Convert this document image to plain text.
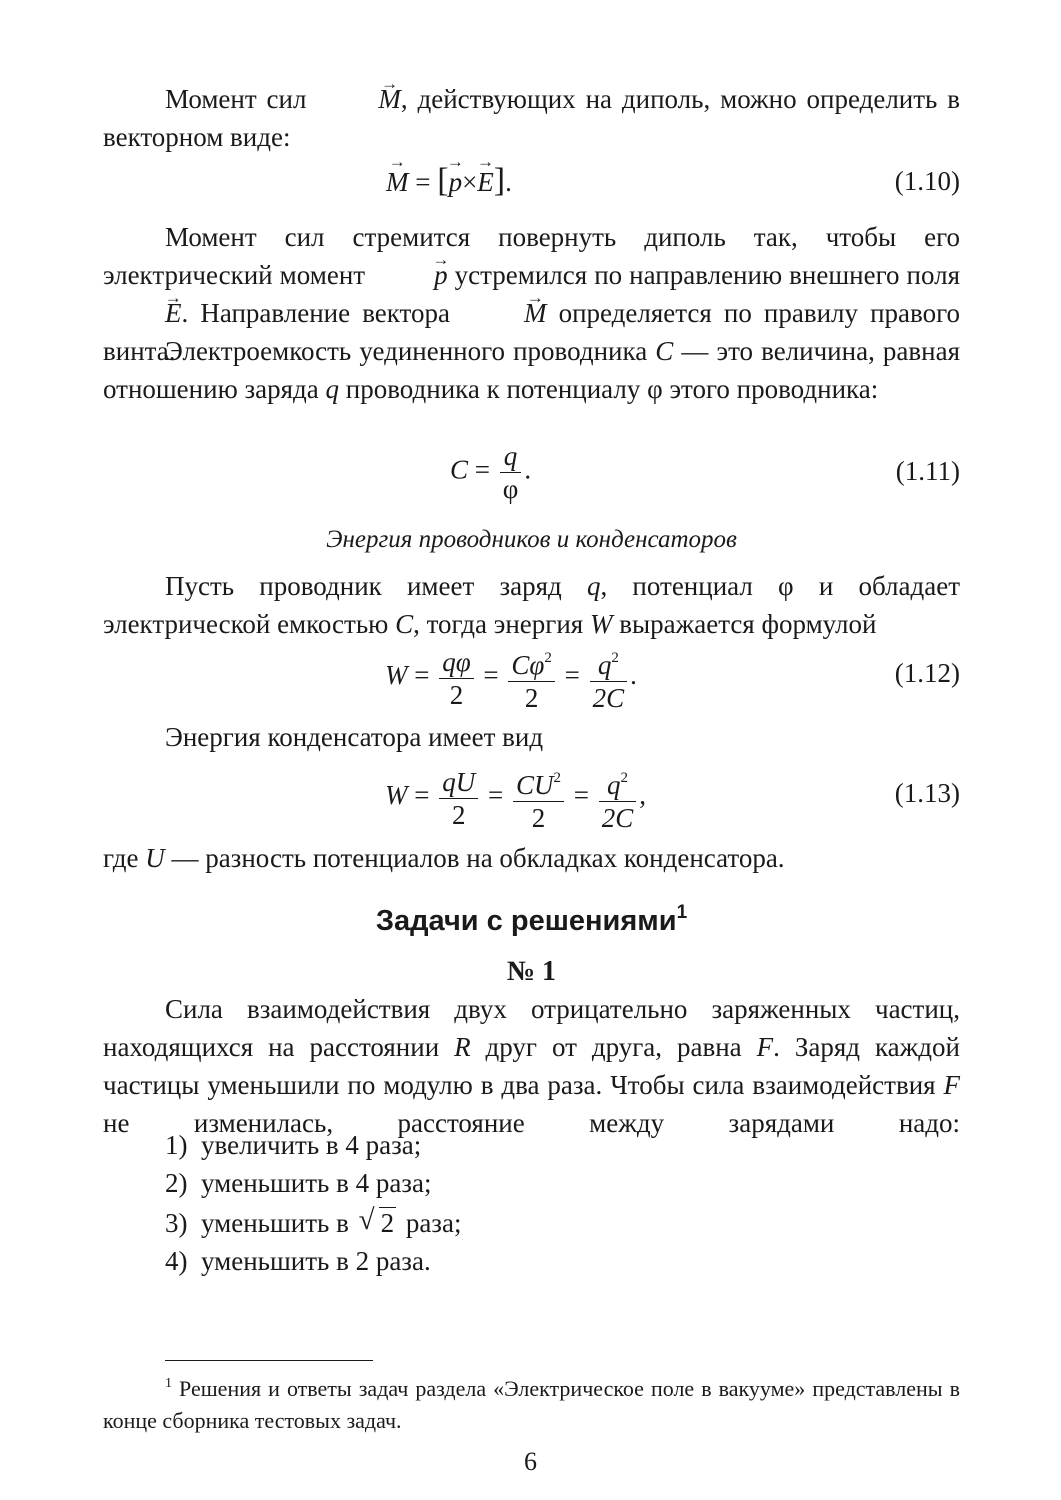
Момент сил → M, действующих на диполь, можно определить в векторном виде:
→ M = [→ p×→ E].	(1.10)
Момент сил стремится повернуть диполь так, чтобы его электрический момент → p устремился по направлению внешнего поля → E. Направление вектора → M определяется по правилу правого винта.
Электроемкость уединенного проводника C — это величина, равная отношению заряда q проводника к потенциалу φ этого проводника:
$C = \frac{q}{\varphi}$ .	(1.11)
Энергия проводников и конденсаторов
Пусть проводник имеет заряд q, потенциал φ и обладает электрической емкостью C, тогда энергия W выражается формулой
$W = \frac{q\varphi}{2} = \frac{C\varphi^2}{2} = \frac{q^2}{2C}$ .	(1.12)
Энергия конденсатора имеет вид
$W = \frac{qU}{2} = \frac{CU^2}{2} = \frac{q^2}{2C}$ ,	(1.13)
где U — разность потенциалов на обкладках конденсатора.
Задачи с решениями$^1$
№ 1
Сила взаимодействия двух отрицательно заряженных частиц, находящихся на расстоянии R друг от друга, равна F. Заряд каждой частицы уменьшили по модулю в два раза. Чтобы сила взаимодействия F не изменилась, расстояние между зарядами надо:
1) увеличить в 4 раза;
2) уменьшить в 4 раза;
3) уменьшить в √ 2 раза;
4) уменьшить в 2 раза.
$^1$ Решения и ответы задач раздела «Электрическое поле в вакууме» представлены в конце сборника тестовых задач.
6
